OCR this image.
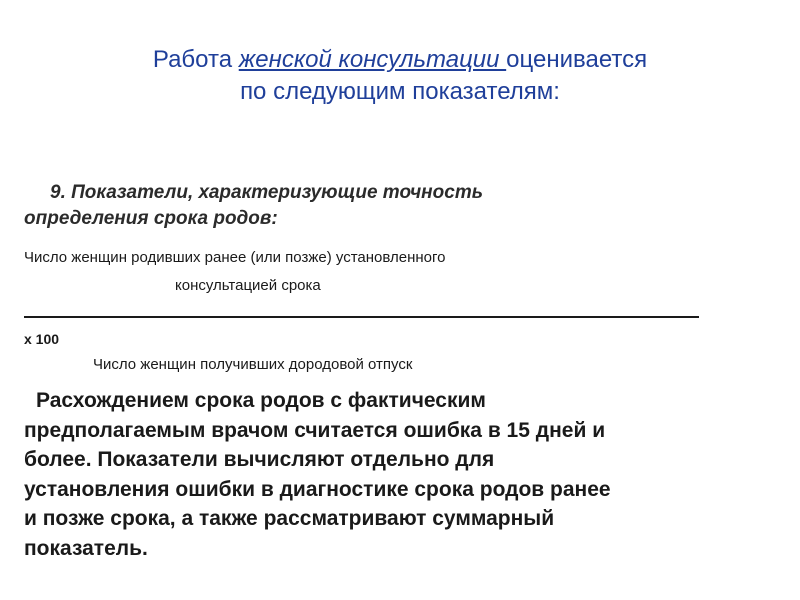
Работа женской консультации оценивается
по следующим показателям:
9. Показатели, характеризующие точность
определения срока родов:
Число женщин родивших ранее (или позже) установленного
консультацией срока
x 100
Число женщин получивших дородовой отпуск
Расхождением срока родов с фактическим
предполагаемым врачом считается ошибка в 15 дней и
более. Показатели вычисляют отдельно для
установления ошибки в диагностике срока родов ранее
и позже срока, а также рассматривают суммарный
показатель.
